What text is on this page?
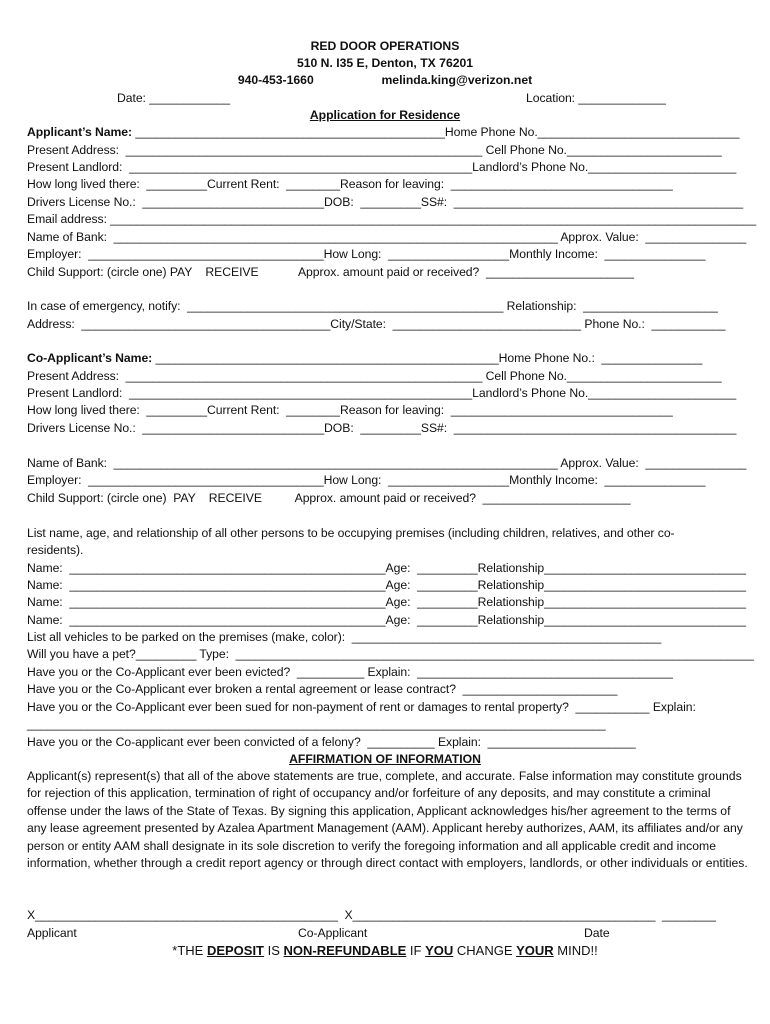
RED DOOR OPERATIONS
510 N. I35 E, Denton, TX 76201
940-453-1660                    melinda.king@verizon.net
Date: ____________	Location: _____________
Application for Residence
Applicant’s Name: ______________________________________________Home Phone No.______________________________
Present Address:  _____________________________________________________ Cell Phone No._______________________
Present Landlord:  ___________________________________________________Landlord’s Phone No.______________________
How long lived there:  _________Current Rent:  ________Reason for leaving:  _________________________________
Drivers License No.:  ___________________________DOB:  _________SS#:  ___________________________________________
Email address: ________________________________________________________________________________________________
Name of Bank:  __________________________________________________________________ Approx. Value:  _______________
Employer:  ___________________________________How Long:  __________________Monthly Income:  _______________
Child Support: (circle one) PAY    RECEIVE            Approx. amount paid or received?  ______________________
In case of emergency, notify:  _______________________________________________ Relationship:  ____________________
Address:  _____________________________________City/State:  ____________________________ Phone No.:  ___________
Co-Applicant’s Name: ___________________________________________________Home Phone No.:  _______________
Present Address:  _____________________________________________________ Cell Phone No._______________________
Present Landlord:  ___________________________________________________Landlord’s Phone No.______________________
How long lived there:  _________Current Rent:  ________Reason for leaving:  _________________________________
Drivers License No.:  ___________________________DOB:  _________SS#:  __________________________________________
Name of Bank:  __________________________________________________________________ Approx. Value:  _______________
Employer:  ___________________________________How Long:  __________________Monthly Income:  _______________
Child Support: (circle one)  PAY    RECEIVE          Approx. amount paid or received?  ______________________
List name, age, and relationship of all other persons to be occupying premises (including children, relatives, and other co-
residents).
Name:  _______________________________________________Age:  _________Relationship______________________________
Name:  _______________________________________________Age:  _________Relationship______________________________
Name:  _______________________________________________Age:  _________Relationship______________________________
Name:  _______________________________________________Age:  _________Relationship______________________________
List all vehicles to be parked on the premises (make, color):  ______________________________________________
Will you have a pet?_________ Type:  _____________________________________________________________________________
Have you or the Co-Applicant ever been evicted?  __________ Explain:  ______________________________________
Have you or the Co-Applicant ever broken a rental agreement or lease contract?  _______________________
Have you or the Co-Applicant ever been sued for non-payment of rent or damages to rental property?  ___________ Explain:
______________________________________________________________________________________
Have you or the Co-applicant ever been convicted of a felony?  __________ Explain:  ______________________
AFFIRMATION OF INFORMATION
Applicant(s) represent(s) that all of the above statements are true, complete, and accurate. False information may constitute grounds for rejection of this application, termination of right of occupancy and/or forfeiture of any deposits, and may constitute a criminal offense under the laws of the State of Texas. By signing this application, Applicant acknowledges his/her agreement to the terms of any lease agreement presented by Azalea Apartment Management (AAM). Applicant hereby authorizes, AAM, its affiliates and/or any person or entity AAM shall designate in its sole discretion to verify the foregoing information and all applicable credit and income information, whether through a credit report agency or through direct contact with employers, landlords, or other individuals or entities.
X_____________________________________________  X_____________________________________________  ________
Applicant	Co-Applicant	Date
*THE DEPOSIT IS NON-REFUNDABLE IF YOU CHANGE YOUR MIND!!
